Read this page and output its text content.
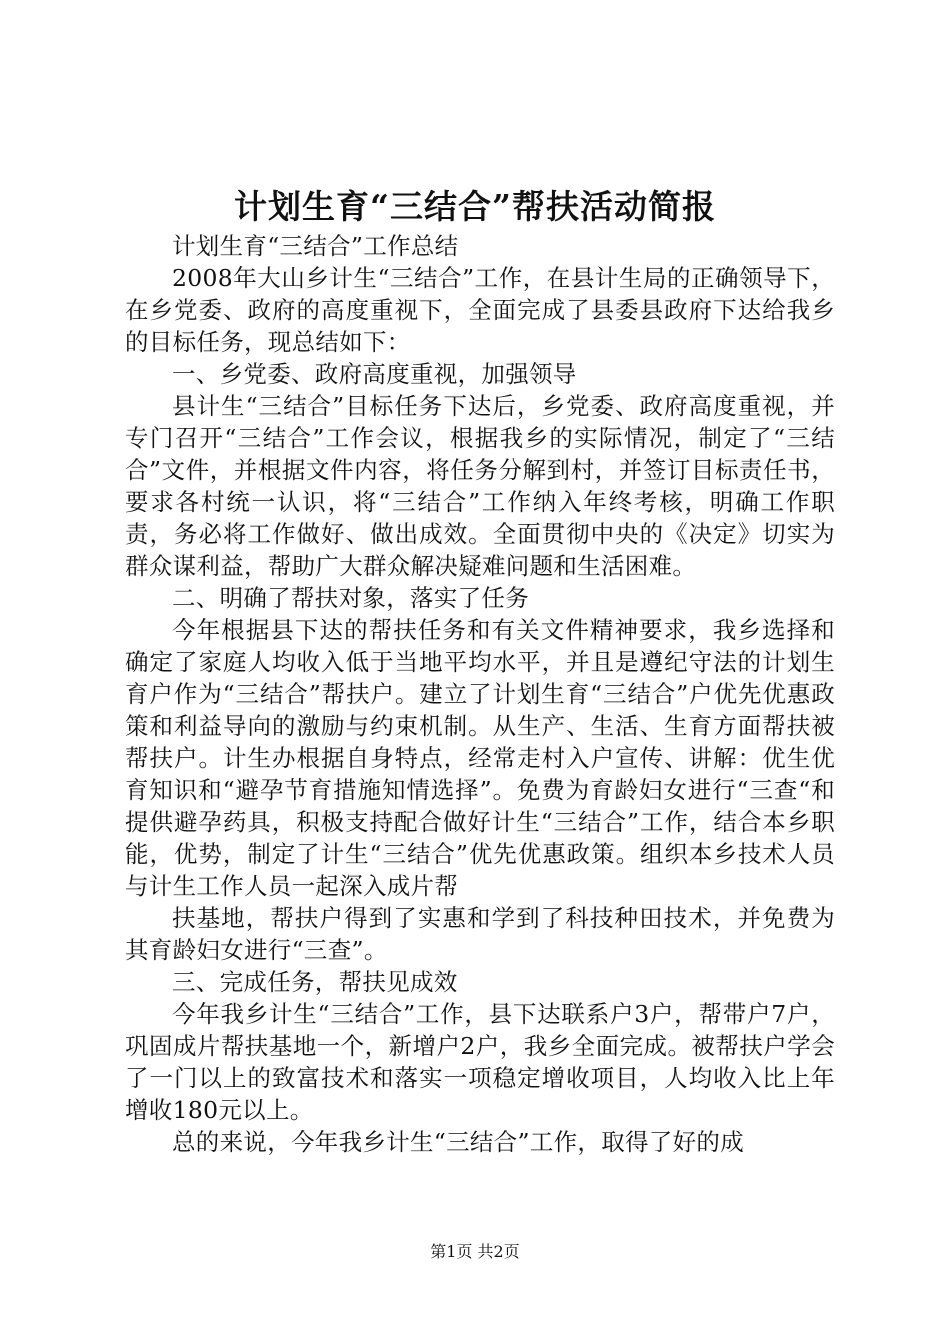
计划生育“三结合”帮扶活动简报

计划生育“三结合”工作总结

2008年大山乡计生“三结合”工作，在县计生局的正确领导下，在乡党委、政府的高度重视下，全面完成了县委县政府下达给我乡的目标任务，现总结如下：

一、乡党委、政府高度重视，加强领导

县计生“三结合”目标任务下达后，乡党委、政府高度重视，并专门召开“三结合”工作会议，根据我乡的实际情况，制定了“三结合”文件，并根据文件内容，将任务分解到村，并签订目标责任书，要求各村统一认识，将“三结合”工作纳入年终考核，明确工作职责，务必将工作做好、做出成效。全面贯彻中央的《决定》切实为群众谋利益，帮助广大群众解决疑难问题和生活困难。

二、明确了帮扶对象，落实了任务

今年根据县下达的帮扶任务和有关文件精神要求，我乡选择和确定了家庭人均收入低于当地平均水平，并且是遵纪守法的计划生育户作为“三结合”帮扶户。建立了计划生育“三结合”户优先优惠政策和利益导向的激励与约束机制。从生产、生活、生育方面帮扶被帮扶户。计生办根据自身特点，经常走村入户宣传、讲解：优生优育知识和“避孕节育措施知情选择”。免费为育龄妇女进行“三查“和提供避孕药具，积极支持配合做好计生“三结合”工作，结合本乡职能，优势，制定了计生“三结合”优先优惠政策。组织本乡技术人员与计生工作人员一起深入成片帮

扶基地，帮扶户得到了实惠和学到了科技种田技术，并免费为其育龄妇女进行“三查”。

三、完成任务，帮扶见成效

今年我乡计生“三结合”工作，县下达联系户3户，帮带户7户，巩固成片帮扶基地一个，新增户2户，我乡全面完成。被帮扶户学会了一门以上的致富技术和落实一项稳定增收项目，人均收入比上年增收180元以上。

总的来说，今年我乡计生“三结合”工作，取得了好的成

第1页 共2页
